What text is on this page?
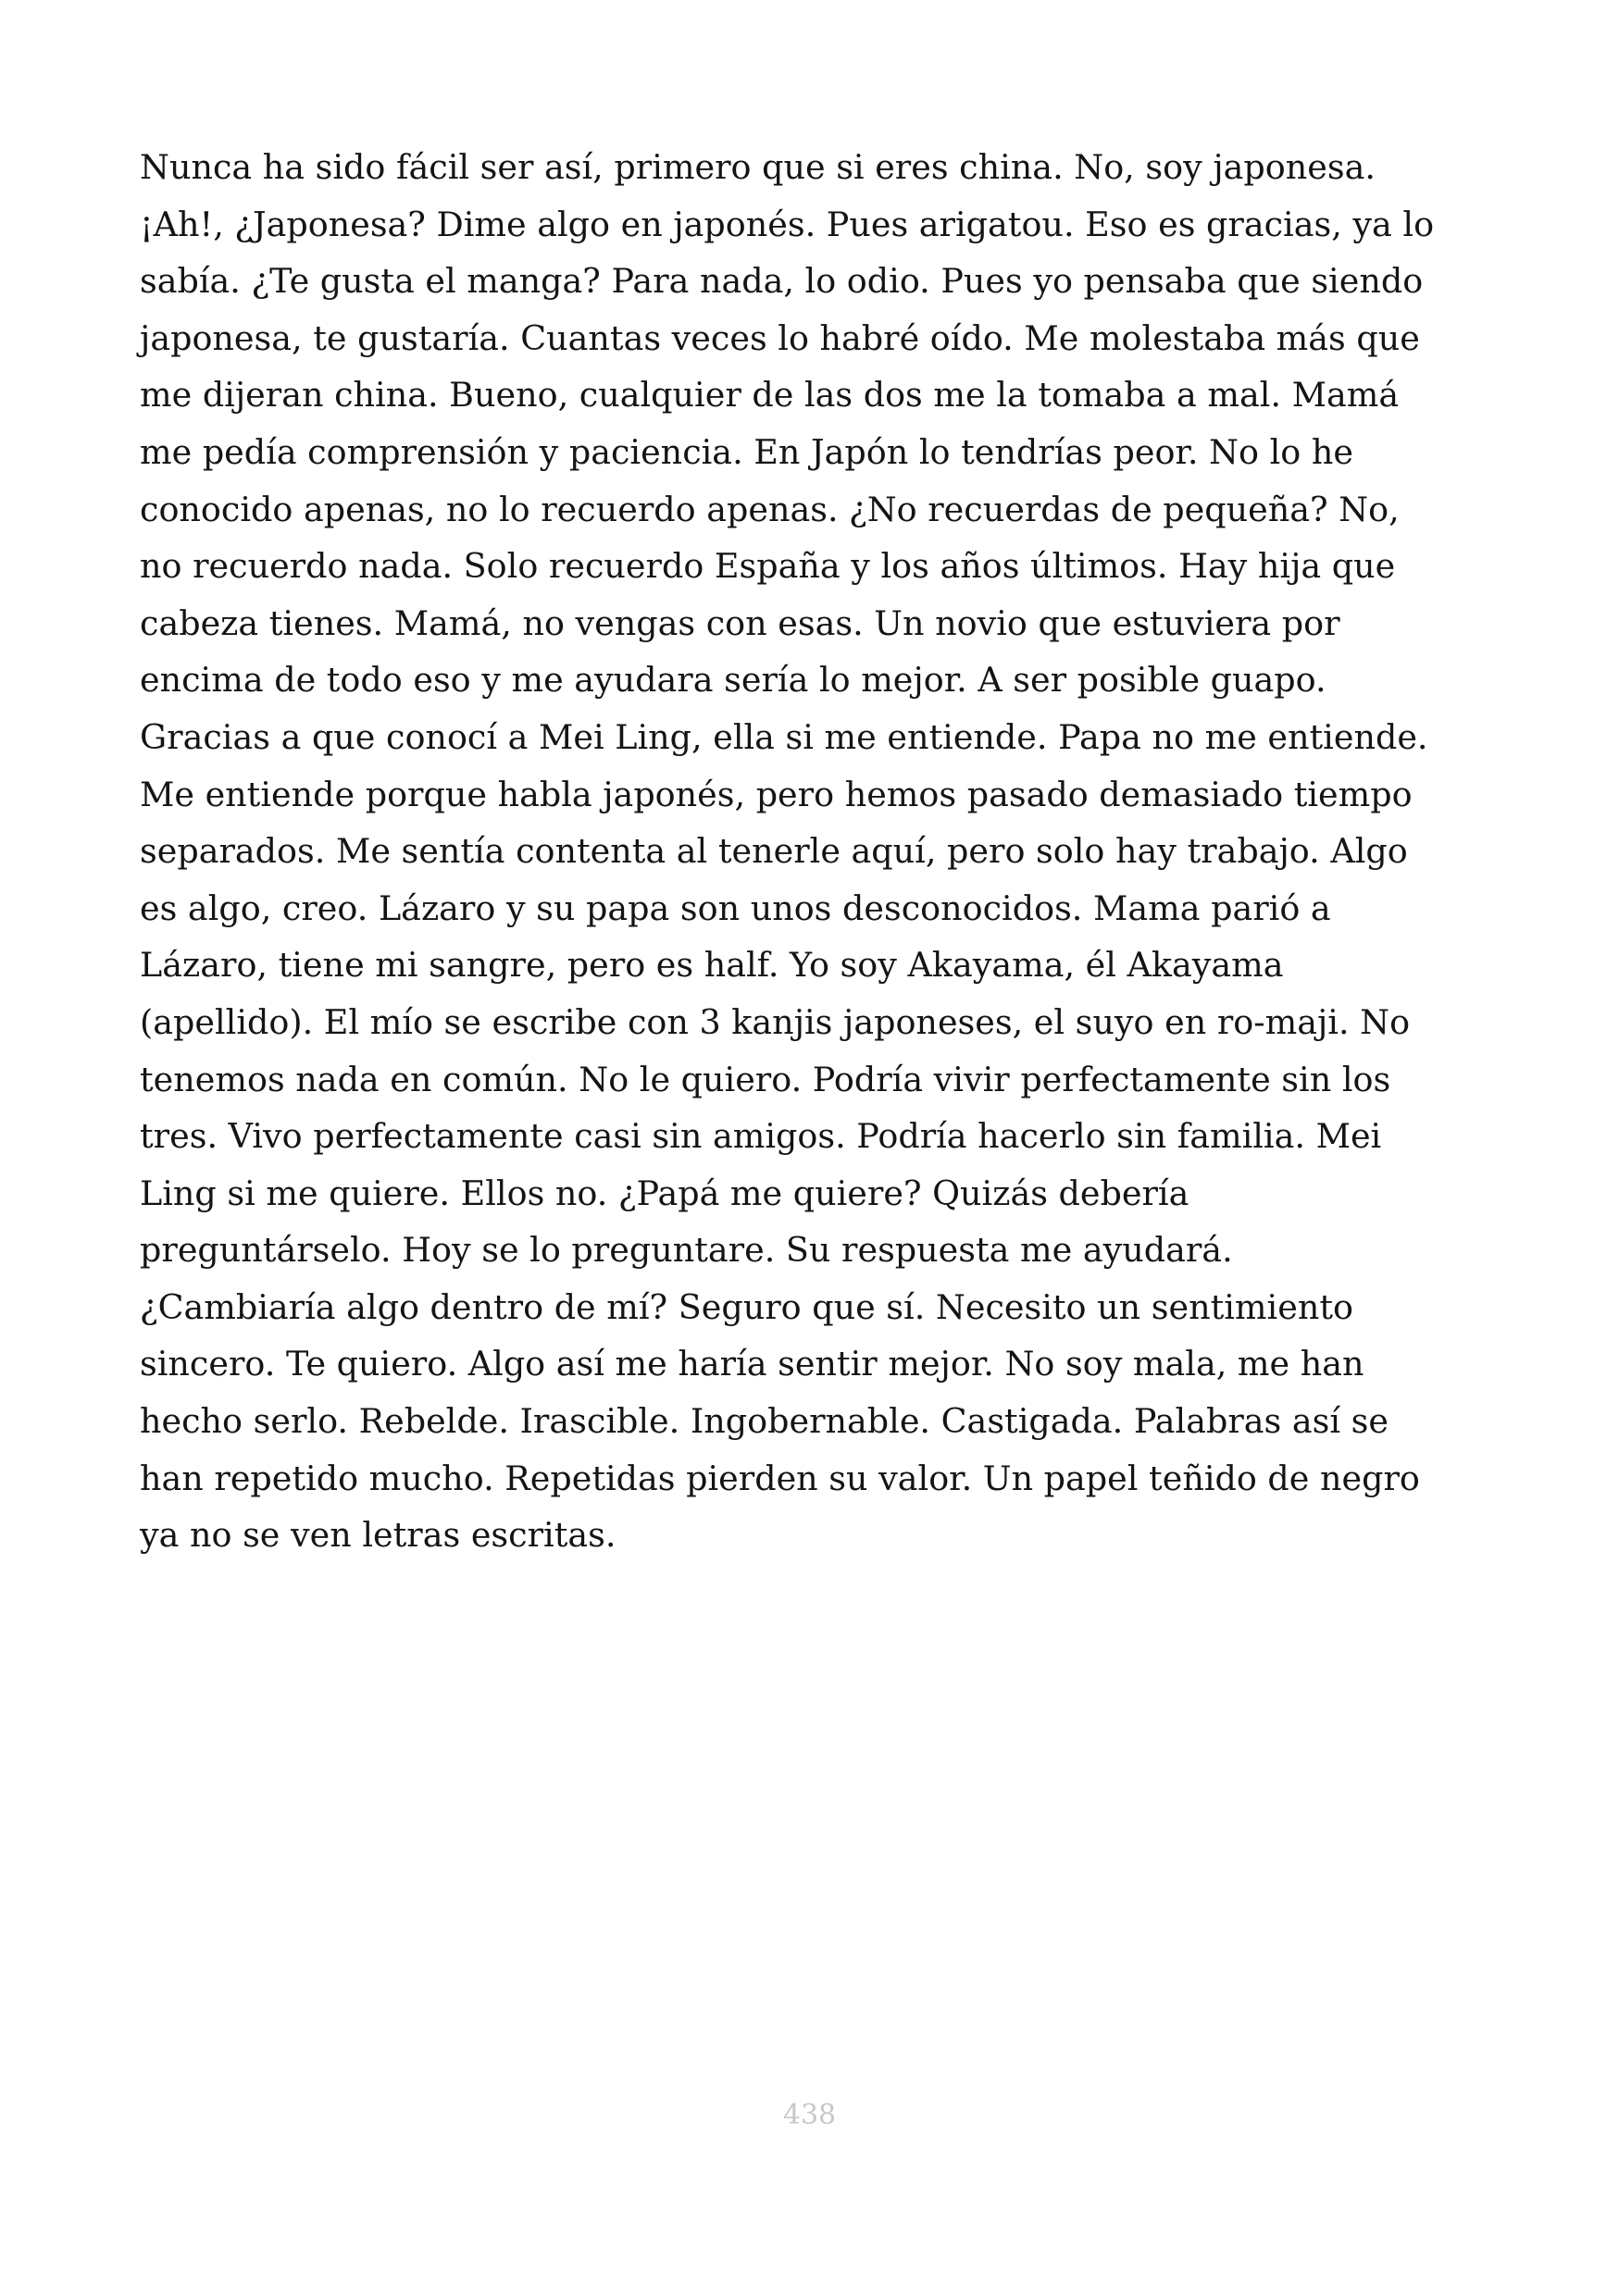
Nunca ha sido fácil ser así, primero que si eres china. No, soy japonesa.
¡Ah!, ¿Japonesa? Dime algo en japonés. Pues arigatou. Eso es gracias, ya lo
sabía. ¿Te gusta el manga? Para nada, lo odio. Pues yo pensaba que siendo
japonesa, te gustaría. Cuantas veces lo habré oído. Me molestaba más que
me dijeran china. Bueno, cualquier de las dos me la tomaba a mal. Mamá
me pedía comprensión y paciencia. En Japón lo tendrías peor. No lo he
conocido apenas, no lo recuerdo apenas. ¿No recuerdas de pequeña? No,
no recuerdo nada. Solo recuerdo España y los años últimos. Hay hija que
cabeza tienes. Mamá, no vengas con esas. Un novio que estuviera por
encima de todo eso y me ayudara sería lo mejor. A ser posible guapo.
Gracias a que conocí a Mei Ling, ella si me entiende. Papa no me entiende.
Me entiende porque habla japonés, pero hemos pasado demasiado tiempo
separados. Me sentía contenta al tenerle aquí, pero solo hay trabajo. Algo
es algo, creo. Lázaro y su papa son unos desconocidos. Mama parió a
Lázaro, tiene mi sangre, pero es half. Yo soy Akayama, él Akayama
(apellido). El mío se escribe con 3 kanjis japoneses, el suyo en ro-maji. No
tenemos nada en común. No le quiero. Podría vivir perfectamente sin los
tres. Vivo perfectamente casi sin amigos. Podría hacerlo sin familia. Mei
Ling si me quiere. Ellos no. ¿Papá me quiere? Quizás debería
preguntárselo. Hoy se lo preguntare. Su respuesta me ayudará.
¿Cambiaría algo dentro de mí? Seguro que sí. Necesito un sentimiento
sincero. Te quiero. Algo así me haría sentir mejor. No soy mala, me han
hecho serlo. Rebelde. Irascible. Ingobernable. Castigada. Palabras así se
han repetido mucho. Repetidas pierden su valor. Un papel teñido de negro
ya no se ven letras escritas.

438
